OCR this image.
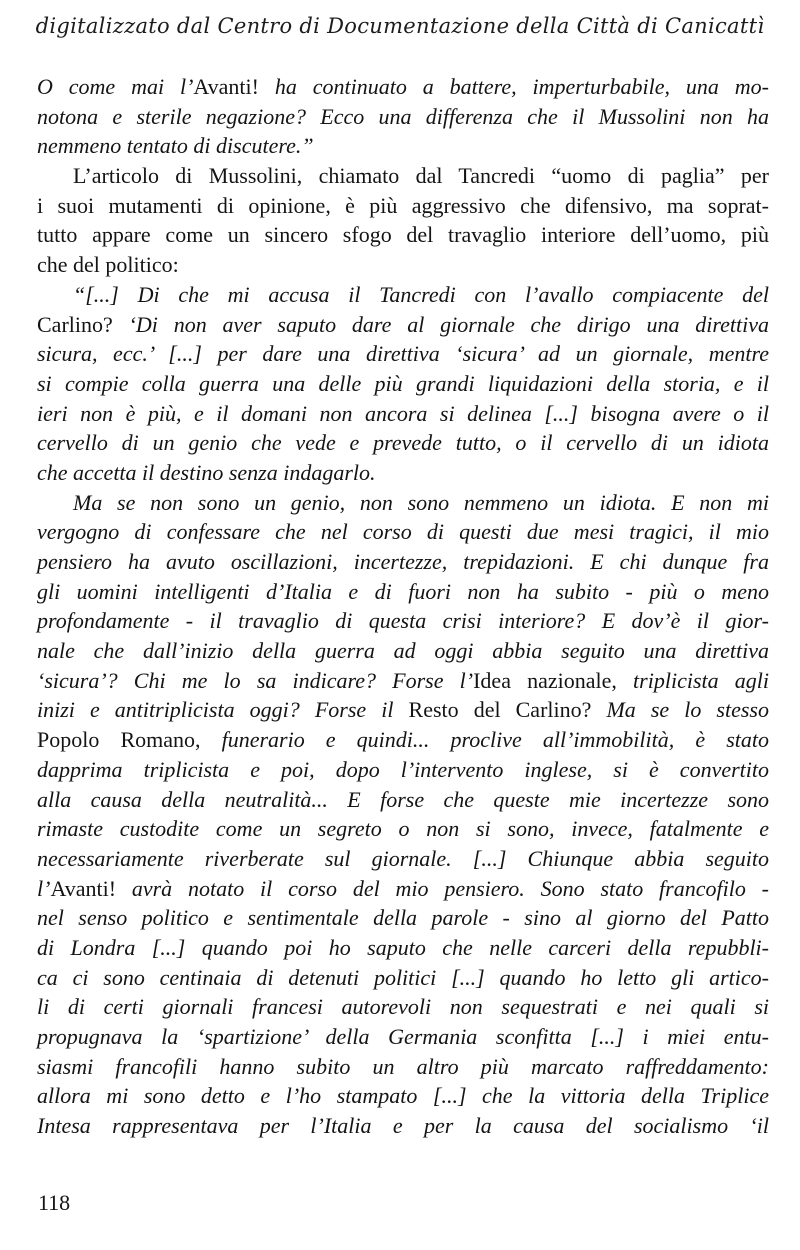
digitalizzato dal Centro di Documentazione della Città di Canicattì
O come mai l’Avanti! ha continuato a battere, imperturbabile, una mo-
notona e sterile negazione? Ecco una differenza che il Mussolini non ha
nemmeno tentato di discutere.”
L’articolo di Mussolini, chiamato dal Tancredi “uomo di paglia” per
i suoi mutamenti di opinione, è più aggressivo che difensivo, ma soprat-
tutto appare come un sincero sfogo del travaglio interiore dell’uomo, più
che del politico:
“[...] Di che mi accusa il Tancredi con l’avallo compiacente del
Carlino? ‘Di non aver saputo dare al giornale che dirigo una direttiva
sicura, ecc.’ [...] per dare una direttiva ‘sicura’ ad un giornale, mentre
si compie colla guerra una delle più grandi liquidazioni della storia, e il
ieri non è più, e il domani non ancora si delinea [...] bisogna avere o il
cervello di un genio che vede e prevede tutto, o il cervello di un idiota
che accetta il destino senza indagarlo.
Ma se non sono un genio, non sono nemmeno un idiota. E non mi
vergogno di confessare che nel corso di questi due mesi tragici, il mio
pensiero ha avuto oscillazioni, incertezze, trepidazioni. E chi dunque fra
gli uomini intelligenti d’Italia e di fuori non ha subito - più o meno
profondamente - il travaglio di questa crisi interiore? E dov’è il gior-
nale che dall’inizio della guerra ad oggi abbia seguito una direttiva
‘sicura’? Chi me lo sa indicare? Forse l’Idea nazionale, triplicista agli
inizi e antitriplicista oggi? Forse il Resto del Carlino? Ma se lo stesso
Popolo Romano, funerario e quindi... proclive all’immobilità, è stato
dapprima triplicista e poi, dopo l’intervento inglese, si è convertito
alla causa della neutralità... E forse che queste mie incertezze sono
rimaste custodite come un segreto o non si sono, invece, fatalmente e
necessariamente riverberate sul giornale. [...] Chiunque abbia seguito
l’Avanti! avrà notato il corso del mio pensiero. Sono stato francofilo -
nel senso politico e sentimentale della parole - sino al giorno del Patto
di Londra [...] quando poi ho saputo che nelle carceri della repubbli-
ca ci sono centinaia di detenuti politici [...] quando ho letto gli artico-
li di certi giornali francesi autorevoli non sequestrati e nei quali si
propugnava la ‘spartizione’ della Germania sconfitta [...] i miei entu-
siasmi francofili hanno subito un altro più marcato raffreddamento:
allora mi sono detto e l’ho stampato [...] che la vittoria della Triplice
Intesa rappresentava per l’Italia e per la causa del socialismo ‘il
118
